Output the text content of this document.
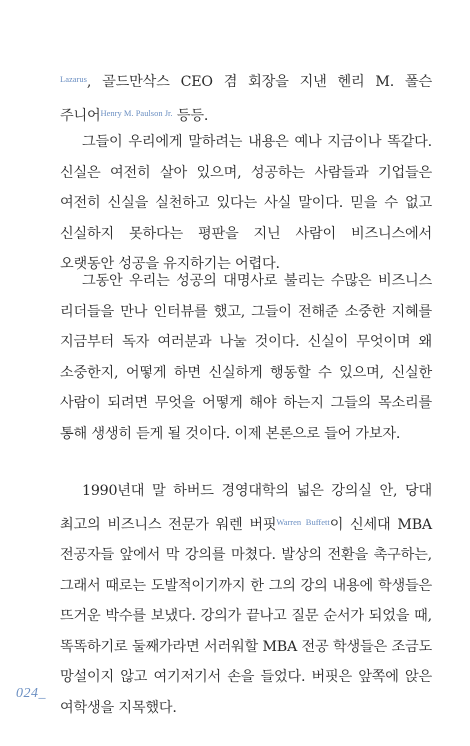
$^{Lazarus}$, 골드만삭스 CEO 겸 회장을 지낸 헨리 M. 폴슨 주니어$^{Henry M. Paulson Jr.}$ 등등.
그들이 우리에게 말하려는 내용은 예나 지금이나 똑같다. 신실은 여전히 살아 있으며, 성공하는 사람들과 기업들은 여전히 신실을 실천하고 있다는 사실 말이다. 믿을 수 없고 신실하지 못하다는 평판을 지닌 사람이 비즈니스에서 오랫동안 성공을 유지하기는 어렵다.
그동안 우리는 성공의 대명사로 불리는 수많은 비즈니스 리더들을 만나 인터뷰를 했고, 그들이 전해준 소중한 지혜를 지금부터 독자 여러분과 나눌 것이다. 신실이 무엇이며 왜 소중한지, 어떻게 하면 신실하게 행동할 수 있으며, 신실한 사람이 되려면 무엇을 어떻게 해야 하는지 그들의 목소리를 통해 생생히 듣게 될 것이다. 이제 본론으로 들어 가보자.
1990년대 말 하버드 경영대학의 넓은 강의실 안, 당대 최고의 비즈니스 전문가 워렌 버핏$^{Warren Buffett}$이 신세대 MBA 전공자들 앞에서 막 강의를 마쳤다. 발상의 전환을 촉구하는, 그래서 때로는 도발적이기까지 한 그의 강의 내용에 학생들은 뜨거운 박수를 보냈다. 강의가 끝나고 질문 순서가 되었을 때, 똑똑하기로 둘째가라면 서러워할 MBA 전공 학생들은 조금도 망설이지 않고 여기저기서 손을 들었다. 버핏은 앞쪽에 앉은 여학생을 지목했다.
024_
